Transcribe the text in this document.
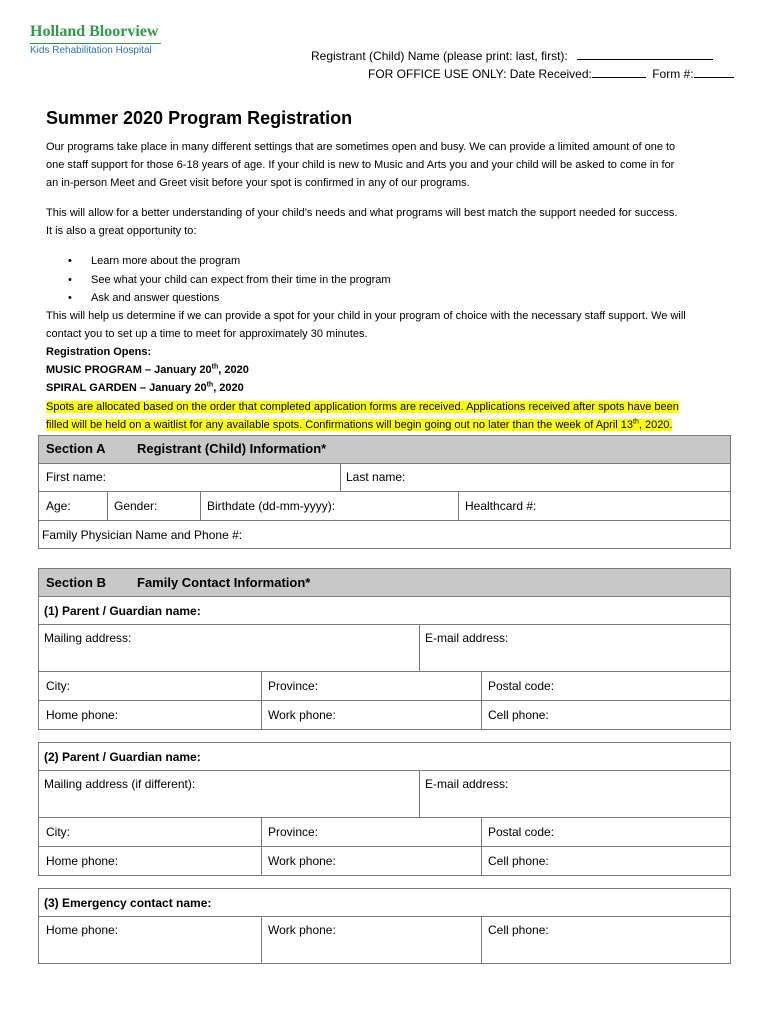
Holland Bloorview
Kids Rehabilitation Hospital	Registrant (Child) Name (please print: last, first):
FOR OFFICE USE ONLY: Date Received:	Form #:
Summer 2020 Program Registration
Our programs take place in many different settings that are sometimes open and busy. We can provide a limited amount of one to
one staff support for those 6-18 years of age. If your child is new to Music and Arts you and your child will be asked to come in for
an in-person Meet and Greet visit before your spot is confirmed in any of our programs.
This will allow for a better understanding of your child’s needs and what programs will best match the support needed for success.
It is also a great opportunity to:
• Learn more about the program
• See what your child can expect from their time in the program
• Ask and answer questions
This will help us determine if we can provide a spot for your child in your program of choice with the necessary staff support. We will
contact you to set up a time to meet for approximately 30 minutes.
Registration Opens:
MUSIC PROGRAM – January 20th, 2020
SPIRAL GARDEN – January 20th, 2020
Spots are allocated based on the order that completed application forms are received. Applications received after spots have been
filled will be held on a waitlist for any available spots. Confirmations will begin going out no later than the week of April 13th, 2020.
Section A Registrant (Child) Information*
First name:	Last name:
Age:	Gender:	Birthdate (dd-mm-yyyy):	Healthcard #:
Family Physician Name and Phone #:
Section B Family Contact Information*
(1) Parent / Guardian name:
Mailing address:	E-mail address:
City:	Province:	Postal code:
Home phone:	Work phone:	Cell phone:
(2) Parent / Guardian name:
Mailing address (if different):	E-mail address:
City:	Province:	Postal code:
Home phone:	Work phone:	Cell phone:
(3) Emergency contact name:
Home phone:	Work phone:	Cell phone:
